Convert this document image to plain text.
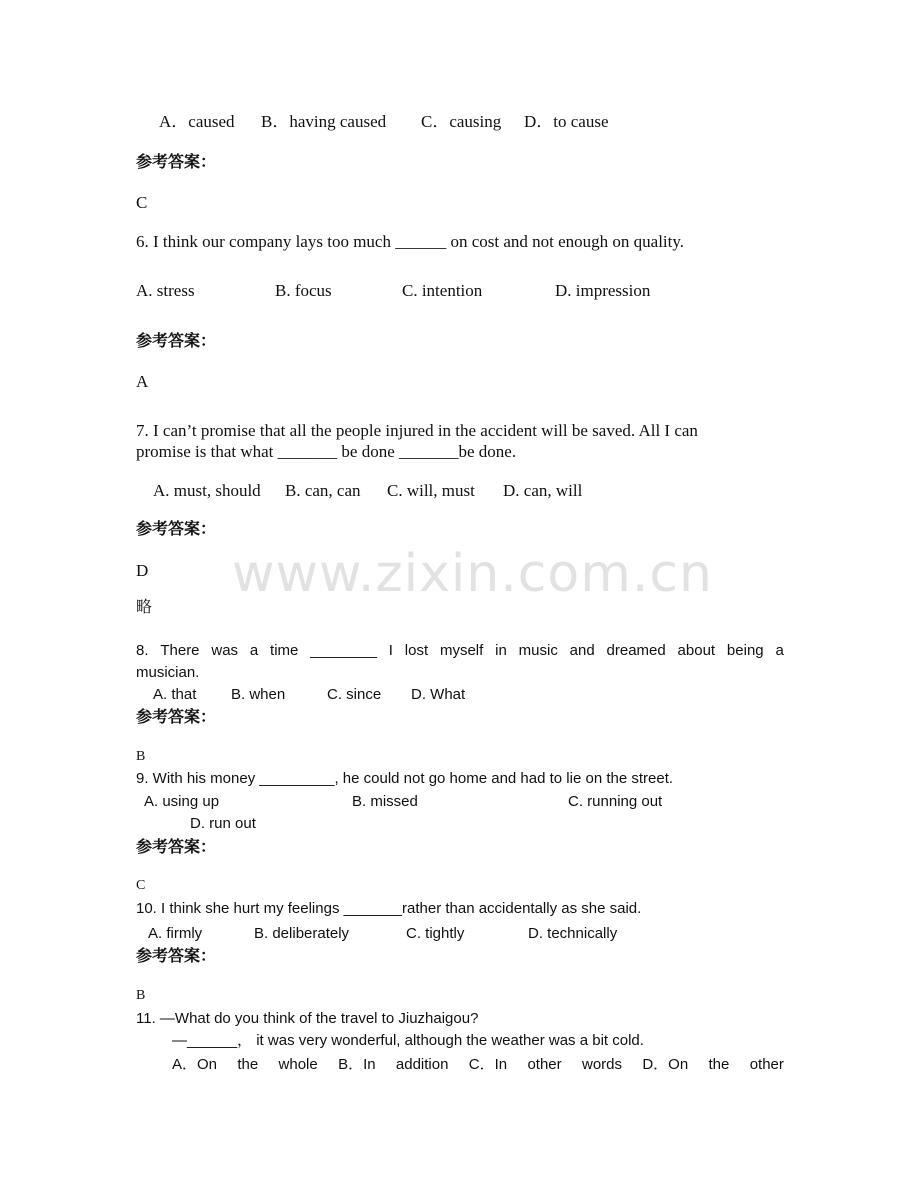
A．caused B．having caused C．causing D．to cause
参考答案：
C
6. I think our company lays too much ______ on cost and not enough on quality.
A. stress	B. focus	C. intention	D. impression
参考答案：
A
7. I can’t promise that all the people injured in the accident will be saved. All I can
promise is that what _______ be done _______be done.
A. must, should B. can, can C. will, must D. can, will
参考答案：
D
略
8. There was a time ________ I lost myself in music and dreamed about being a
musician.
A. that B. when	C. since D. What
参考答案：
B
9. With his money _________, he could not go home and had to lie on the street.
A. using up	B. missed	C. running out
D. run out
参考答案：
C
10. I think she hurt my feelings _______rather than accidentally as she said.
A. firmly	B. deliberately	C. tightly	D. technically
参考答案：
B
11. —What do you think of the travel to Jiuzhaigou?
—______， it was very wonderful, although the weather was a bit cold.
A．On the whole B．In addition C．In other words D．On the other
www.zixin.com.cn
